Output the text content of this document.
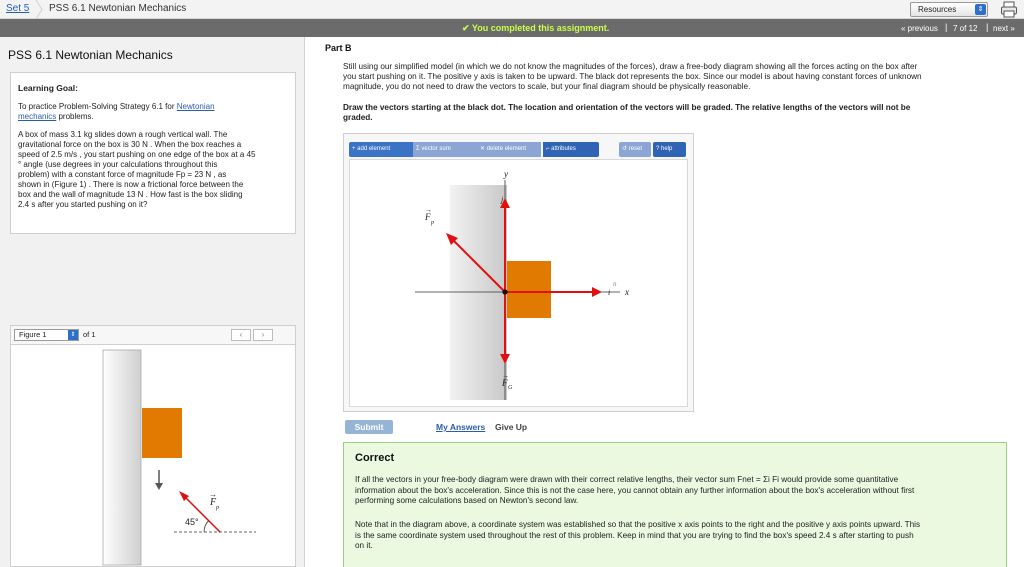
Set 5 PSS 6.1 Newtonian Mechanics	Resources	⇕
✔ You completed this assignment.	« previous | 7 of 12 | next »
PSS 6.1 Newtonian Mechanics
Learning Goal:
To practice Problem-Solving Strategy 6.1 for Newtonian
mechanics problems.
A box of mass 3.1 kg slides down a rough vertical wall. The
gravitational force on the box is 30 N . When the box reaches a
speed of 2.5 m/s , you start pushing on one edge of the box at a 45
° angle (use degrees in your calculations throughout this
problem) with a constant force of magnitude Fp = 23 N , as
shown in (Figure 1) . There is now a frictional force between the
box and the wall of magnitude 13 N . How fast is the box sliding
2.4 s after you started pushing on it?
Figure 1	⇕ of 1	‹	›
45°
F p
→
Part B
Still using our simplified model (in which we do not know the magnitudes of the forces), draw a free-body diagram showing all the forces acting on the box after
you start pushing on it. The positive y axis is taken to be upward. The black dot represents the box. Since our model is about having constant forces of unknown
magnitude, you do not need to draw the vectors to scale, but your final diagram should be physically reasonable.
Draw the vectors starting at the black dot. The location and orientation of the vectors will be graded. The relative lengths of the vectors will not be
graded.
+ add element	Σ vector sum	✕ delete element	⌐ attributes	↺ reset	? help
y
x
j
i
F
p
→
F G
→
n
Submit	My Answers Give Up
Correct
If all the vectors in your free-body diagram were drawn with their correct relative lengths, their vector sum Fnet = Σi Fi would provide some quantitative
information about the box's acceleration. Since this is not the case here, you cannot obtain any further information about the box's acceleration without first
performing some calculations based on Newton's second law.
Note that in the diagram above, a coordinate system was established so that the positive x axis points to the right and the positive y axis points upward. This
is the same coordinate system used throughout the rest of this problem. Keep in mind that you are trying to find the box's speed 2.4 s after starting to push
on it.
